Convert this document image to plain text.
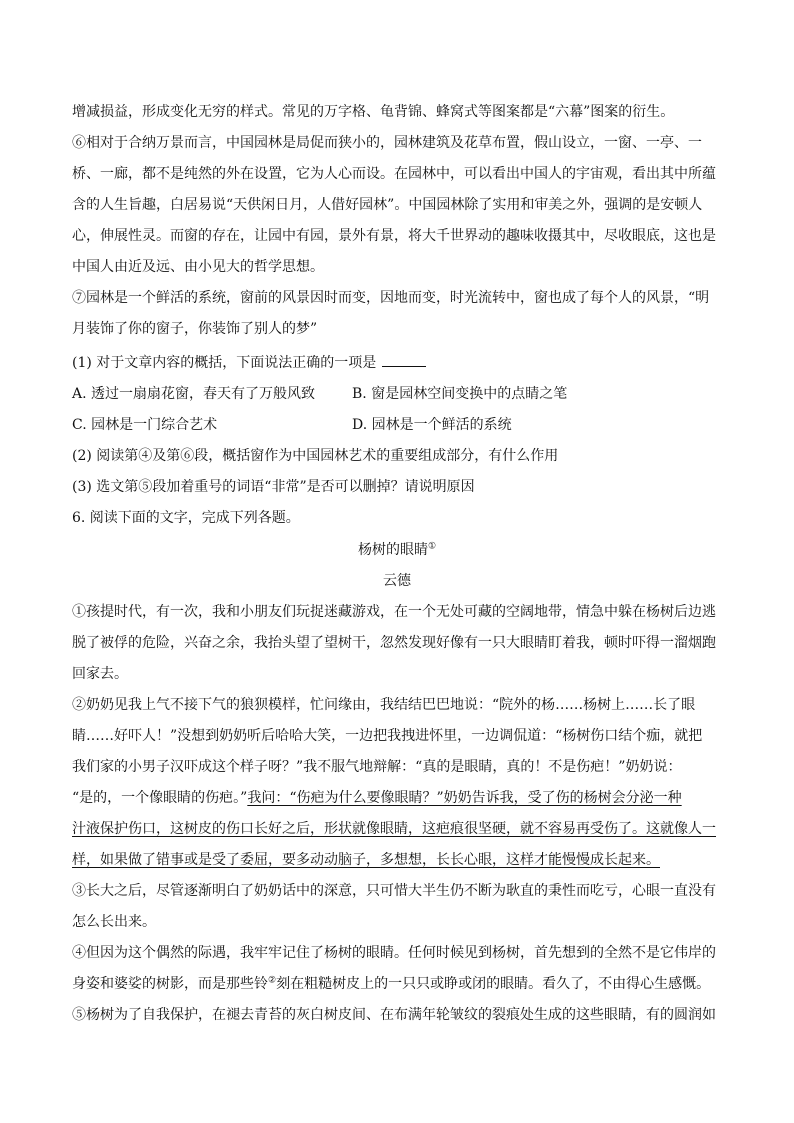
增减损益，形成变化无穷的样式。常见的万字格、龟背锦、蜂窝式等图案都是“六幕”图案的衍生。
⑥相对于合纳万景而言，中国园林是局促而狭小的，园林建筑及花草布置，假山设立，一窗、一亭、一
桥、一廊，都不是纯然的外在设置，它为人心而设。在园林中，可以看出中国人的宇宙观，看出其中所蕴
含的人生旨趣，白居易说“天供闲日月，人借好园林”。中国园林除了实用和审美之外，强调的是安顿人
心，伸展性灵。而窗的存在，让园中有园，景外有景，将大千世界动的趣味收摄其中，尽收眼底，这也是
中国人由近及远、由小见大的哲学思想。
⑦园林是一个鲜活的系统，窗前的风景因时而变，因地而变，时光流转中，窗也成了每个人的风景，“明
月装饰了你的窗子，你装饰了别人的梦”
(1) 对于文章内容的概括，下面说法正确的一项是
A. 透过一扇扇花窗，春天有了万般风致	B. 窗是园林空间变换中的点睛之笔
C. 园林是一门综合艺术	D. 园林是一个鲜活的系统
(2) 阅读第④及第⑥段，概括窗作为中国园林艺术的重要组成部分，有什么作用
(3) 选文第⑤段加着重号的词语“非常”是否可以删掉？请说明原因
6. 阅读下面的文字，完成下列各题。
杨树的眼睛①
云德
①孩提时代，有一次，我和小朋友们玩捉迷藏游戏，在一个无处可藏的空阔地带，情急中躲在杨树后边逃
脱了被俘的危险，兴奋之余，我抬头望了望树干，忽然发现好像有一只大眼睛盯着我，顿时吓得一溜烟跑
回家去。
②奶奶见我上气不接下气的狼狈模样，忙问缘由，我结结巴巴地说：“院外的杨……杨树上……长了眼
睛……好吓人！”没想到奶奶听后哈哈大笑，一边把我拽进怀里，一边调侃道：“杨树伤口结个痂，就把
我们家的小男子汉吓成这个样子呀？”我不服气地辩解：“真的是眼睛，真的！不是伤疤！”奶奶说：
“是的，一个像眼睛的伤疤。”我问：“伤疤为什么要像眼睛？”奶奶告诉我，受了伤的杨树会分泌一种
汁液保护伤口，这树皮的伤口长好之后，形状就像眼睛，这疤痕很坚硬，就不容易再受伤了。这就像人一
样，如果做了错事或是受了委屈，要多动动脑子，多想想，长长心眼，这样才能慢慢成长起来。
③长大之后，尽管逐渐明白了奶奶话中的深意，只可惜大半生仍不断为耿直的秉性而吃亏，心眼一直没有
怎么长出来。
④但因为这个偶然的际遇，我牢牢记住了杨树的眼睛。任何时候见到杨树，首先想到的全然不是它伟岸的
身姿和婆娑的树影，而是那些铃②刻在粗糙树皮上的一只只或睁或闭的眼睛。看久了，不由得心生感慨。
⑤杨树为了自我保护，在褪去青苔的灰白树皮间、在布满年轮皱纹的裂痕处生成的这些眼睛，有的圆润如
